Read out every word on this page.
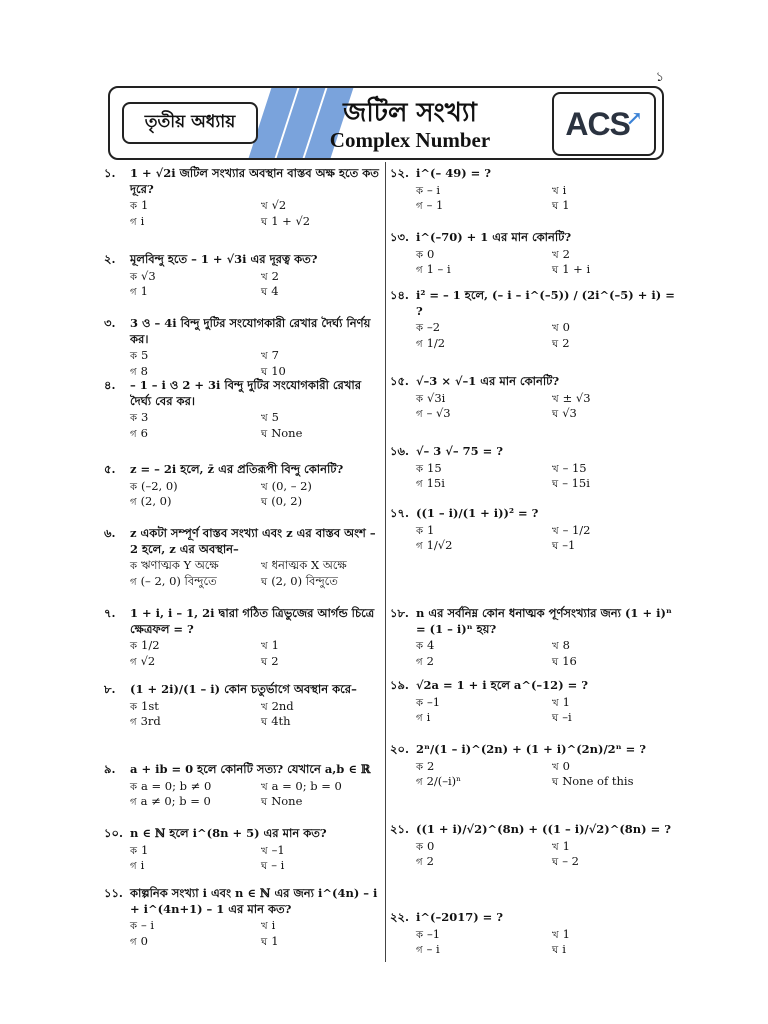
১
তৃতীয় অধ্যায়	জটিল সংখ্যা
Complex Number	ACS
↗
১.	1 + √2i জটিল সংখ্যার অবস্থান বাস্তব অক্ষ হতে কত দূরে?
ক 1	খ √2
গ i	ঘ 1 + √2
২.	মূলবিন্দু হতে – 1 + √3i এর দূরত্ব কত?
ক √3	খ 2
গ 1	ঘ 4
৩.	3 ও – 4i বিন্দু দুটির সংযোগকারী রেখার দৈর্ঘ্য নির্ণয় কর।
ক 5	খ 7
গ 8	ঘ 10
৪.	– 1 – i ও 2 + 3i বিন্দু দুটির সংযোগকারী রেখার দৈর্ঘ্য বের কর।
ক 3	খ 5
গ 6	ঘ None
৫.	z = – 2i হলে, z̄ এর প্রতিরূপী বিন্দু কোনটি?
ক (–2, 0)	খ (0, – 2)
গ (2, 0)	ঘ (0, 2)
৬.	z একটা সম্পূর্ণ বাস্তব সংখ্যা এবং z এর বাস্তব অংশ – 2 হলে, z এর অবস্থান–
ক ঋণাত্মক Y অক্ষে	খ ধনাত্মক X অক্ষে
গ (– 2, 0) বিন্দুতে	ঘ (2, 0) বিন্দুতে
৭.	1 + i, i – 1, 2i দ্বারা গঠিত ত্রিভুজের আর্গন্ড চিত্রে ক্ষেত্রফল = ?
ক 1/2	খ 1
গ √2	ঘ 2
৮.	(1 + 2i)/(1 – i) কোন চতুর্ভাগে অবস্থান করে–
ক 1st	খ 2nd
গ 3rd	ঘ 4th
৯.	a + ib = 0 হলে কোনটি সত্য? যেখানে a,b ∈ ℝ
ক a = 0; b ≠ 0	খ a = 0; b = 0
গ a ≠ 0; b = 0	ঘ None
১০. n ∈ ℕ হলে i^(8n + 5) এর মান কত?
ক 1	খ –1
গ i	ঘ – i
১১. কাল্পনিক সংখ্যা i এবং n ∈ ℕ এর জন্য i^(4n) – i + i^(4n+1) – 1 এর মান কত?
ক – i	খ i
গ 0	ঘ 1
১২. i^(– 49) = ?
ক – i	খ i
গ – 1	ঘ 1
১৩. i^(–70) + 1 এর মান কোনটি?
ক 0	খ 2
গ 1 – i	ঘ 1 + i
১৪. i² = – 1 হলে, (– i – i^(–5)) / (2i^(–5) + i) = ?
ক –2	খ 0
গ 1/2	ঘ 2
১৫. √–3 × √–1 এর মান কোনটি?
ক √3i	খ ± √3
গ – √3	ঘ √3
১৬. √– 3 √– 75 = ?
ক 15	খ – 15
গ 15i	ঘ – 15i
১৭. ((1 – i)/(1 + i))² = ?
ক 1	খ – 1/2
গ 1/√2	ঘ –1
১৮. n এর সর্বনিম্ন কোন ধনাত্মক পূর্ণসংখ্যার জন্য (1 + i)ⁿ = (1 – i)ⁿ হয়?
ক 4	খ 8
গ 2	ঘ 16
১৯. √2a = 1 + i হলে a^(–12) = ?
ক –1	খ 1
গ i	ঘ –i
২০. 2ⁿ/(1 – i)^(2n) + (1 + i)^(2n)/2ⁿ = ?
ক 2	খ 0
গ 2/(–i)ⁿ	ঘ None of this
২১. ((1 + i)/√2)^(8n) + ((1 – i)/√2)^(8n) = ?
ক 0	খ 1
গ 2	ঘ – 2
২২. i^(–2017) = ?
ক –1	খ 1
গ – i	ঘ i
